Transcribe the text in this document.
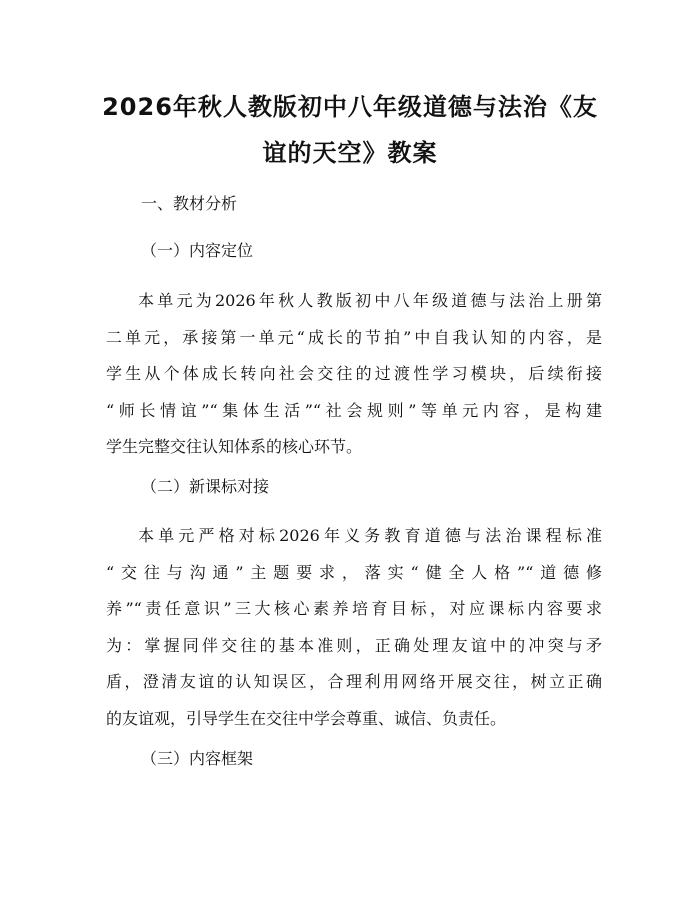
2026年秋人教版初中八年级道德与法治《友
谊的天空》教案

一、教材分析

（一）内容定位

本单元为2026年秋人教版初中八年级道德与法治上册第
二单元，承接第一单元“成长的节拍”中自我认知的内容，是
学生从个体成长转向社会交往的过渡性学习模块，后续衔接
“师长情谊”“集体生活”“社会规则”等单元内容，是构建
学生完整交往认知体系的核心环节。

（二）新课标对接

本单元严格对标2026年义务教育道德与法治课程标准
“交往与沟通”主题要求，落实“健全人格”“道德修
养”“责任意识”三大核心素养培育目标，对应课标内容要求
为：掌握同伴交往的基本准则，正确处理友谊中的冲突与矛
盾，澄清友谊的认知误区，合理利用网络开展交往，树立正确
的友谊观，引导学生在交往中学会尊重、诚信、负责任。

（三）内容框架
